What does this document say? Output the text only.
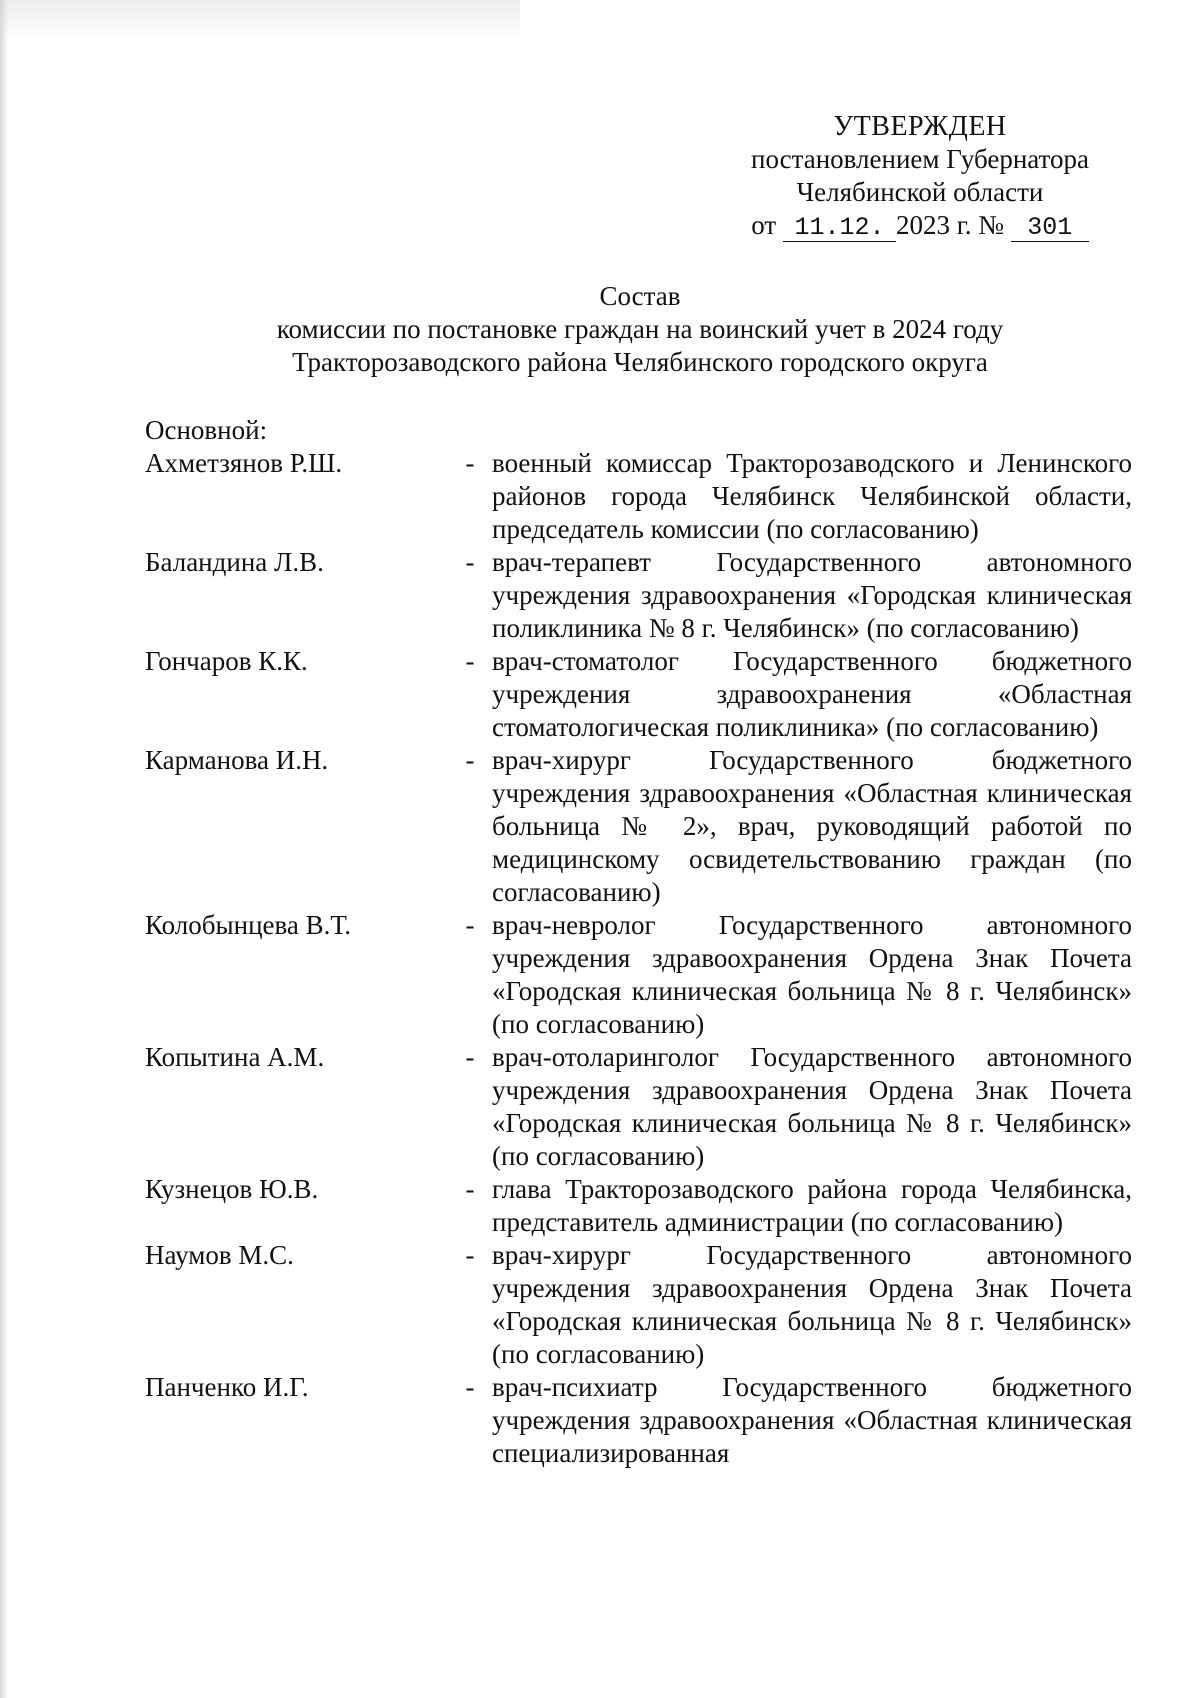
УТВЕРЖДЕН
постановлением Губернатора
Челябинской области
от 11.12. 2023 г. № 301
Состав
комиссии по постановке граждан на воинский учет в 2024 году
Тракторозаводского района Челябинского городского округа
Основной:
Ахметзянов Р.Ш.	- военный комиссар Тракторозаводского и Ленинского районов города Челябинск Челябинской области, председатель комиссии (по согласованию)
Баландина Л.В.	- врач-терапевт Государственного автономного учреждения здравоохранения «Городская клиническая поликлиника № 8 г. Челябинск» (по согласованию)
Гончаров К.К.	- врач-стоматолог Государственного бюджетного учреждения здравоохранения «Областная стоматологическая поликлиника» (по согласованию)
Карманова И.Н.	- врач-хирург Государственного бюджетного учреждения здравоохранения «Областная клиническая больница № 2», врач, руководящий работой по медицинскому освидетельствованию граждан (по согласованию)
Колобынцева В.Т.	- врач-невролог Государственного автономного учреждения здравоохранения Ордена Знак Почета «Городская клиническая больница № 8 г. Челябинск» (по согласованию)
Копытина А.М.	- врач-отоларинголог Государственного автономного учреждения здравоохранения Ордена Знак Почета «Городская клиническая больница № 8 г. Челябинск» (по согласованию)
Кузнецов Ю.В.	- глава Тракторозаводского района города Челябинска, представитель администрации (по согласованию)
Наумов М.С.	- врач-хирург Государственного автономного учреждения здравоохранения Ордена Знак Почета «Городская клиническая больница № 8 г. Челябинск» (по согласованию)
Панченко И.Г.	- врач-психиатр Государственного бюджетного учреждения здравоохранения «Областная клиническая специализированная
